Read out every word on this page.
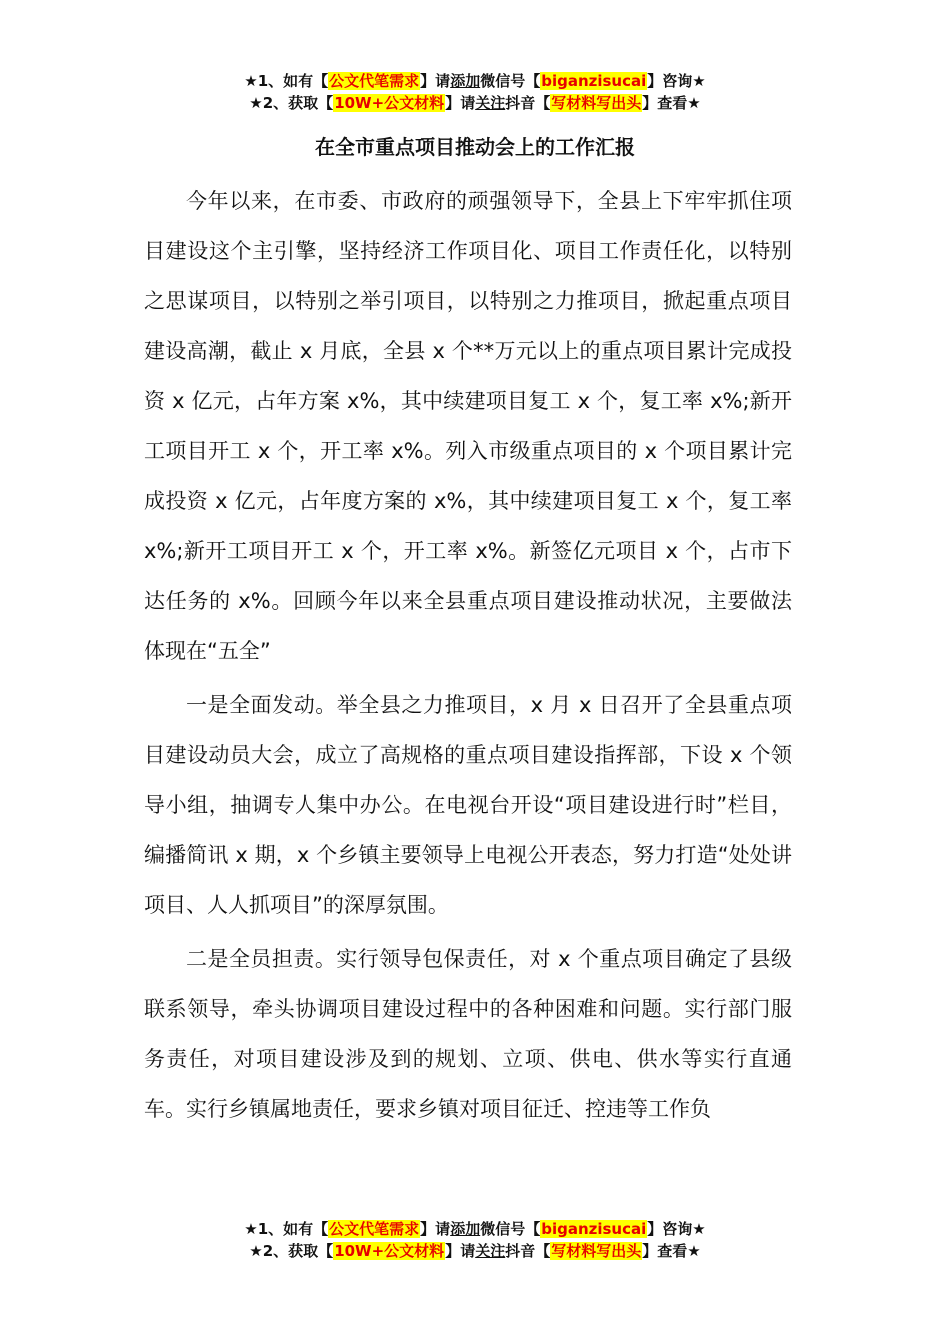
★1、如有【公文代笔需求】请添加微信号【biganzisucai】咨询★
★2、获取【10W+公文材料】请关注抖音【写材料写出头】查看★
在全市重点项目推动会上的工作汇报

今年以来，在市委、市政府的顽强领导下，全县上下牢牢抓住项目建设这个主引擎，坚持经济工作项目化、项目工作责任化，以特别之思谋项目，以特别之举引项目，以特别之力推项目，掀起重点项目建设高潮，截止 x 月底，全县 x 个**万元以上的重点项目累计完成投资 x 亿元，占年方案 x%，其中续建项目复工 x 个，复工率 x%;新开工项目开工 x 个，开工率 x%。列入市级重点项目的 x 个项目累计完成投资 x 亿元，占年度方案的 x%，其中续建项目复工 x 个，复工率 x%;新开工项目开工 x 个，开工率 x%。新签亿元项目 x 个，占市下达任务的 x%。回顾今年以来全县重点项目建设推动状况，主要做法体现在“五全”

一是全面发动。举全县之力推项目，x 月 x 日召开了全县重点项目建设动员大会，成立了高规格的重点项目建设指挥部，下设 x 个领导小组，抽调专人集中办公。在电视台开设“项目建设进行时”栏目，编播简讯 x 期，x 个乡镇主要领导上电视公开表态，努力打造“处处讲项目、人人抓项目”的深厚氛围。

二是全员担责。实行领导包保责任，对 x 个重点项目确定了县级联系领导，牵头协调项目建设过程中的各种困难和问题。实行部门服务责任，对项目建设涉及到的规划、立项、供电、供水等实行直通车。实行乡镇属地责任，要求乡镇对项目征迁、控违等工作负

★1、如有【公文代笔需求】请添加微信号【biganzisucai】咨询★
★2、获取【10W+公文材料】请关注抖音【写材料写出头】查看★
